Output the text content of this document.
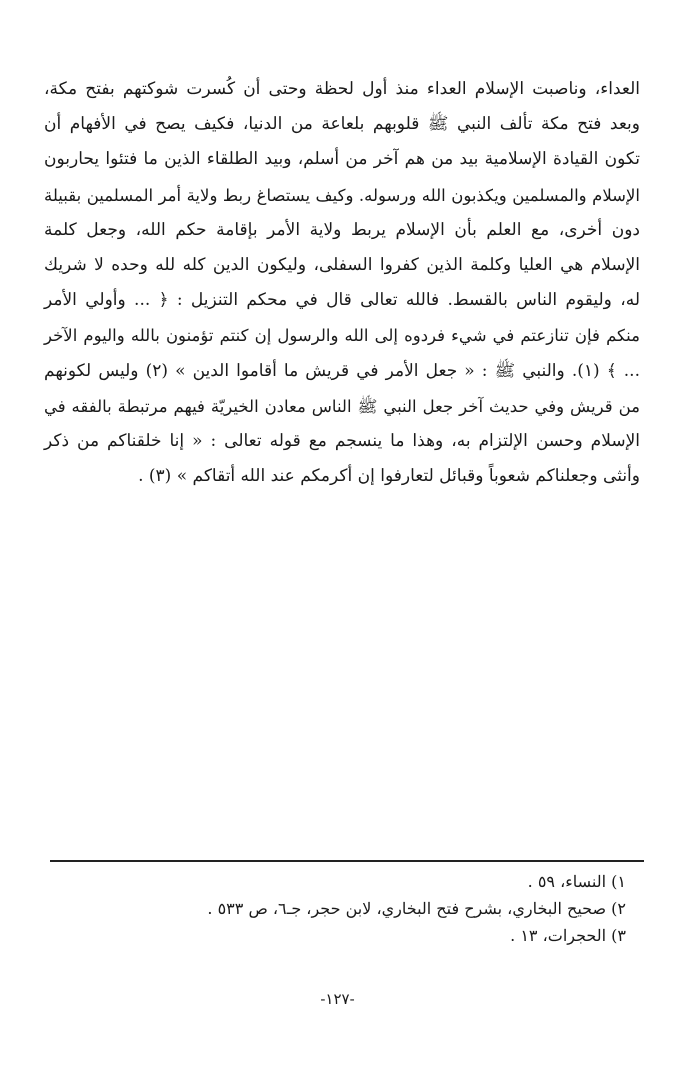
العداء، وناصبت الإسلام العداء منذ أول لحظة وحتى أن كُسرت شوكتهم بفتح مكة،
وبعد فتح مكة تألف النبي ﷺ قلوبهم بلعاعة من الدنيا، فكيف يصح في الأفهام أن
تكون القيادة الإسلامية بيد من هم آخر من أسلم، وبيد الطلقاء الذين ما فتئوا يحاربون
الإسلام والمسلمين ويكذبون الله ورسوله. وكيف يستصاغ ربط ولاية أمر المسلمين بقبيلة
دون أخرى، مع العلم بأن الإسلام يربط ولاية الأمر بإقامة حكم الله، وجعل كلمة
الإسلام هي العليا وكلمة الذين كفروا السفلى، وليكون الدين كله لله وحده لا شريك
له، وليقوم الناس بالقسط. فالله تعالى قال في محكم التنزيل : ﴿ ... وأولي الأمر
منكم فإن تنازعتم في شيء فردوه إلى الله والرسول إن كنتم تؤمنون بالله واليوم الآخر
... ﴾ (١). والنبي ﷺ : « جعل الأمر في قريش ما أقاموا الدين » (٢) وليس لكونهم
من قريش وفي حديث آخر جعل النبي ﷺ الناس معادن الخيريّة فيهم مرتبطة بالفقه في
الإسلام وحسن الإلتزام به، وهذا ما ينسجم مع قوله تعالى : « إنا خلقناكم من ذكر
وأنثى وجعلناكم شعوباً وقبائل لتعارفوا إن أكرمكم عند الله أتقاكم » (٣) .
١) النساء، ٥٩ .
٢) صحيح البخاري، بشرح فتح البخاري، لابن حجر، جـ٦، ص ٥٣٣ .
٣) الحجرات، ١٣ .
-١٢٧-
